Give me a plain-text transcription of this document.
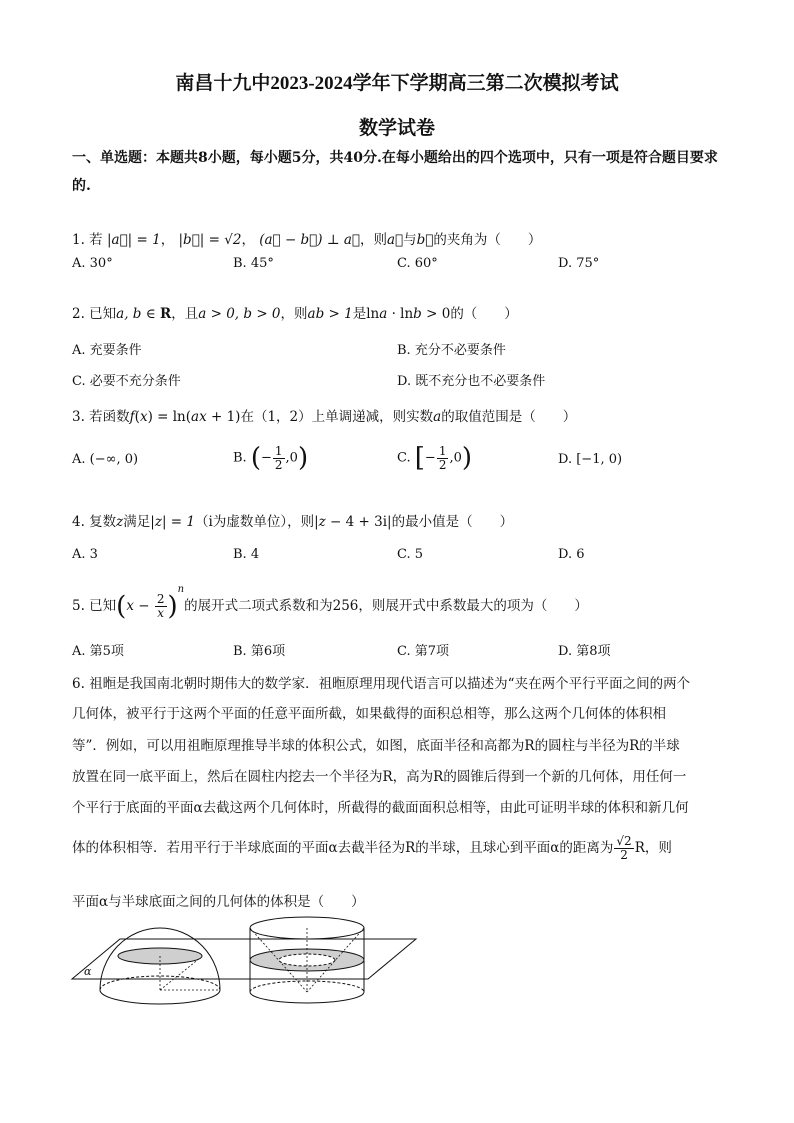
南昌十九中2023-2024学年下学期高三第二次模拟考试
数学试卷
一、单选题：本题共8小题，每小题5分，共40分.在每小题给出的四个选项中，只有一项是符合题目要求的.
1. 若 |a⃗| = 1， |b⃗| = √2， (a⃗ − b⃗) ⊥ a⃗，则a⃗与b⃗的夹角为（　　）
A. 30°	B. 45°	C. 60°	D. 75°
2. 已知a, b ∈ R，且a > 0, b > 0，则ab > 1是lna · lnb > 0的（　　）
A. 充要条件	B. 充分不必要条件
C. 必要不充分条件	D. 既不充分也不必要条件
3. 若函数f(x) = ln(ax + 1)在（1，2）上单调递减，则实数a的取值范围是（　　）
A. (−∞, 0)	B. (− $\frac{1}{2} ,0$)	C. [− $\frac{1}{2} ,0$)	D. [−1, 0)
4. 复数z满足|z| = 1（i为虚数单位），则|z − 4 + 3i|的最小值是（　　）
A. 3	B. 4	C. 5	D. 6
5. 已知$(x - \frac{2}{x} )^n$的展开式二项式系数和为256，则展开式中系数最大的项为（　　）
A. 第5项	B. 第6项	C. 第7项	D. 第8项
6. 祖暅是我国南北朝时期伟大的数学家．祖暅原理用现代语言可以描述为“夹在两个平行平面之间的两个
几何体，被平行于这两个平面的任意平面所截，如果截得的面积总相等，那么这两个几何体的体积相
等”．例如，可以用祖暅原理推导半球的体积公式，如图，底面半径和高都为R的圆柱与半径为R的半球
放置在同一底平面上，然后在圆柱内挖去一个半径为R，高为R的圆锥后得到一个新的几何体，用任何一
个平行于底面的平面α去截这两个几何体时，所截得的截面面积总相等，由此可证明半球的体积和新几何
体的体积相等．若用平行于半球底面的平面α去截半径为R的半球，且球心到平面α的距离为 $\frac{√2}{2}$ R，则
平面α与半球底面之间的几何体的体积是（　　）
α
